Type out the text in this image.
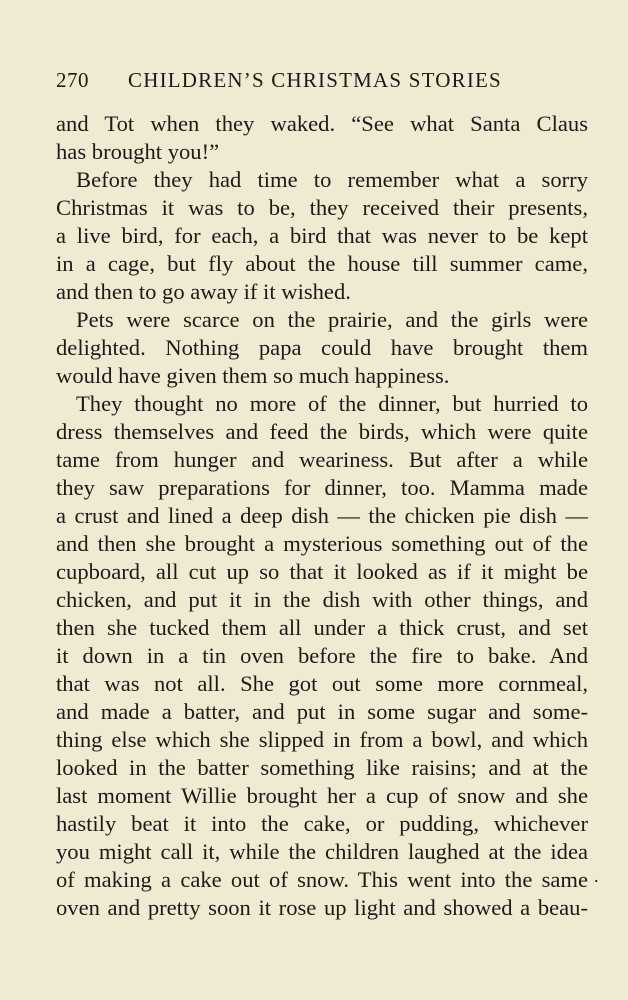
270 CHILDREN’S CHRISTMAS STORIES
and Tot when they waked. “See what Santa Claus
has brought you!”
Before they had time to remember what a sorry
Christmas it was to be, they received their presents,
a live bird, for each, a bird that was never to be kept
in a cage, but fly about the house till summer came,
and then to go away if it wished.
Pets were scarce on the prairie, and the girls were
delighted. Nothing papa could have brought them
would have given them so much happiness.
They thought no more of the dinner, but hurried to
dress themselves and feed the birds, which were quite
tame from hunger and weariness. But after a while
they saw preparations for dinner, too. Mamma made
a crust and lined a deep dish — the chicken pie dish —
and then she brought a mysterious something out of the
cupboard, all cut up so that it looked as if it might be
chicken, and put it in the dish with other things, and
then she tucked them all under a thick crust, and set
it down in a tin oven before the fire to bake. And
that was not all. She got out some more cornmeal,
and made a batter, and put in some sugar and some-
thing else which she slipped in from a bowl, and which
looked in the batter something like raisins; and at the
last moment Willie brought her a cup of snow and she
hastily beat it into the cake, or pudding, whichever
you might call it, while the children laughed at the idea
of making a cake out of snow. This went into the same
oven and pretty soon it rose up light and showed a beau-
.
